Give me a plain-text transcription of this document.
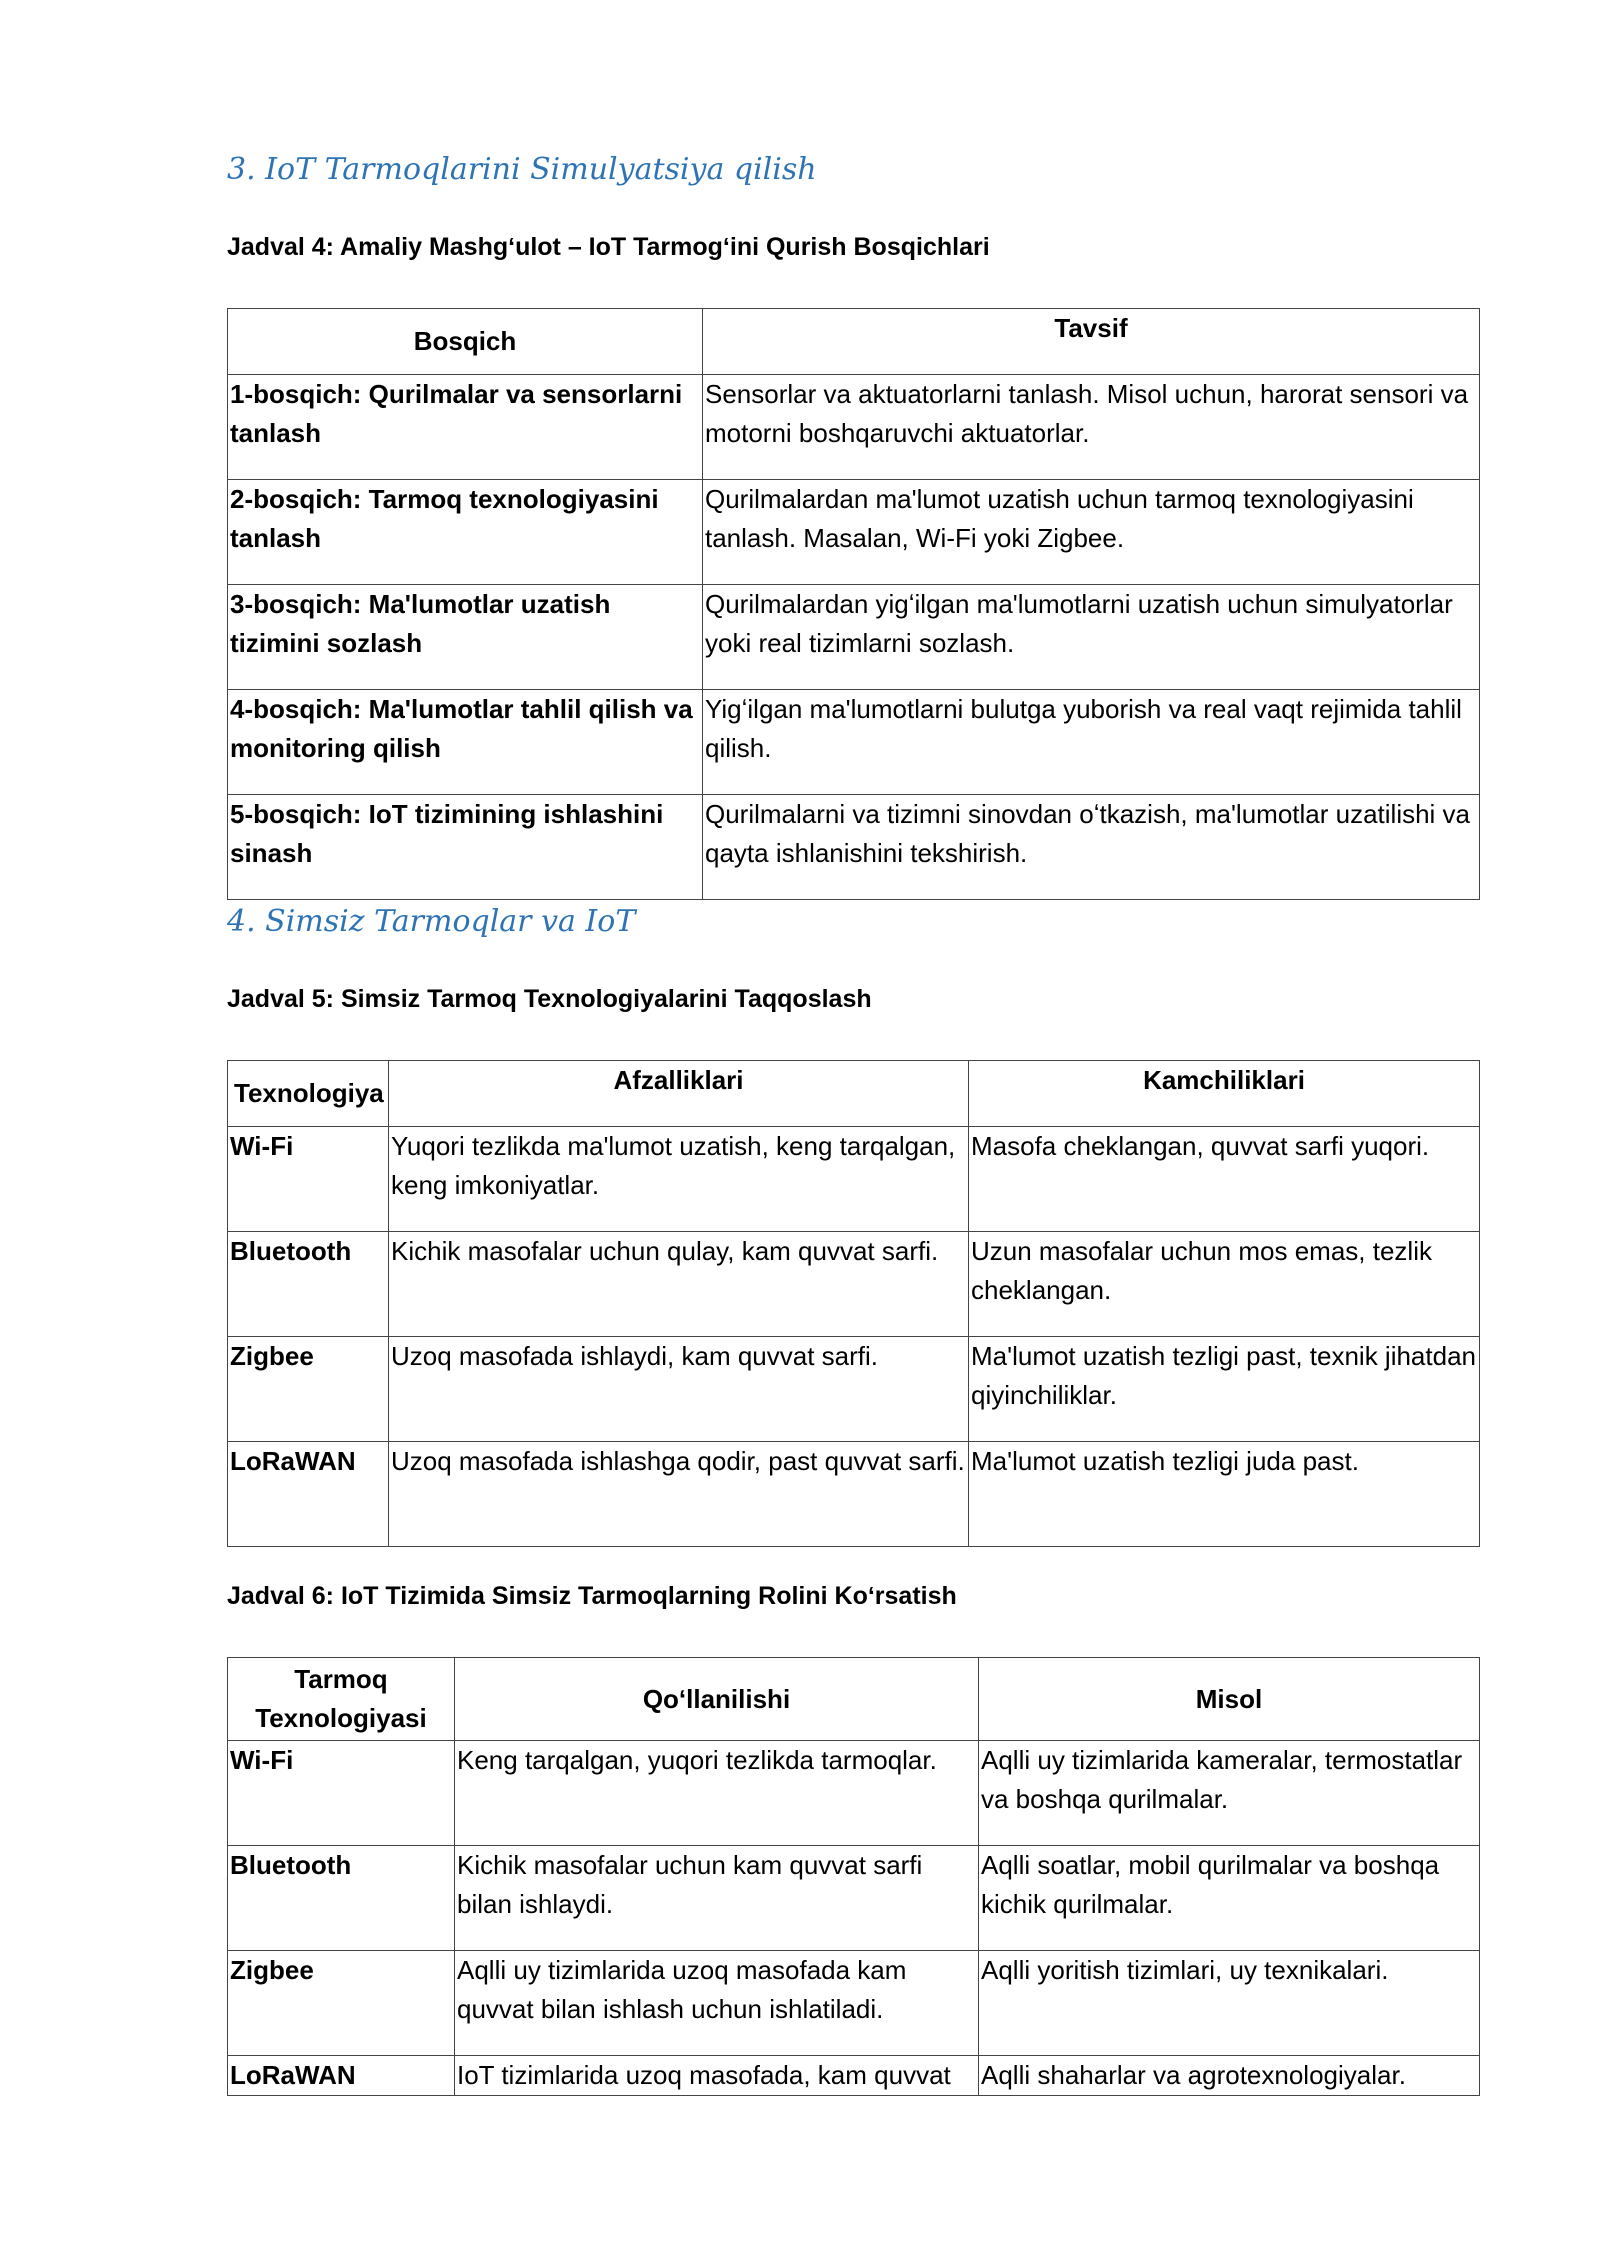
3. IoT Tarmoqlarini Simulyatsiya qilish
Jadval 4: Amaliy Mashgʻulot – IoT Tarmogʻini Qurish Bosqichlari
Bosqich	Tavsif
1-bosqich: Qurilmalar va sensorlarni tanlash	Sensorlar va aktuatorlarni tanlash. Misol uchun, harorat sensori va motorni boshqaruvchi aktuatorlar.
2-bosqich: Tarmoq texnologiyasini tanlash	Qurilmalardan ma'lumot uzatish uchun tarmoq texnologiyasini tanlash. Masalan, Wi-Fi yoki Zigbee.
3-bosqich: Ma'lumotlar uzatish tizimini sozlash	Qurilmalardan yigʻilgan ma'lumotlarni uzatish uchun simulyatorlar yoki real tizimlarni sozlash.
4-bosqich: Ma'lumotlar tahlil qilish va monitoring qilish	Yigʻilgan ma'lumotlarni bulutga yuborish va real vaqt rejimida tahlil qilish.
5-bosqich: IoT tizimining ishlashini sinash	Qurilmalarni va tizimni sinovdan oʻtkazish, ma'lumotlar uzatilishi va qayta ishlanishini tekshirish.
4. Simsiz Tarmoqlar va IoT
Jadval 5: Simsiz Tarmoq Texnologiyalarini Taqqoslash
Texnologiya	Afzalliklari	Kamchiliklari
Wi-Fi	Yuqori tezlikda ma'lumot uzatish, keng tarqalgan, keng imkoniyatlar.	Masofa cheklangan, quvvat sarfi yuqori.
Bluetooth	Kichik masofalar uchun qulay, kam quvvat sarfi.	Uzun masofalar uchun mos emas, tezlik cheklangan.
Zigbee	Uzoq masofada ishlaydi, kam quvvat sarfi.	Ma'lumot uzatish tezligi past, texnik jihatdan qiyinchiliklar.
LoRaWAN	Uzoq masofada ishlashga qodir, past quvvat sarfi.	Ma'lumot uzatish tezligi juda past.
Jadval 6: IoT Tizimida Simsiz Tarmoqlarning Rolini Koʻrsatish
Tarmoq Texnologiyasi	Qoʻllanilishi	Misol
Wi-Fi	Keng tarqalgan, yuqori tezlikda tarmoqlar.	Aqlli uy tizimlarida kameralar, termostatlar va boshqa qurilmalar.
Bluetooth	Kichik masofalar uchun kam quvvat sarfi bilan ishlaydi.	Aqlli soatlar, mobil qurilmalar va boshqa kichik qurilmalar.
Zigbee	Aqlli uy tizimlarida uzoq masofada kam quvvat bilan ishlash uchun ishlatiladi.	Aqlli yoritish tizimlari, uy texnikalari.
LoRaWAN	IoT tizimlarida uzoq masofada, kam quvvat	Aqlli shaharlar va agrotexnologiyalar.
